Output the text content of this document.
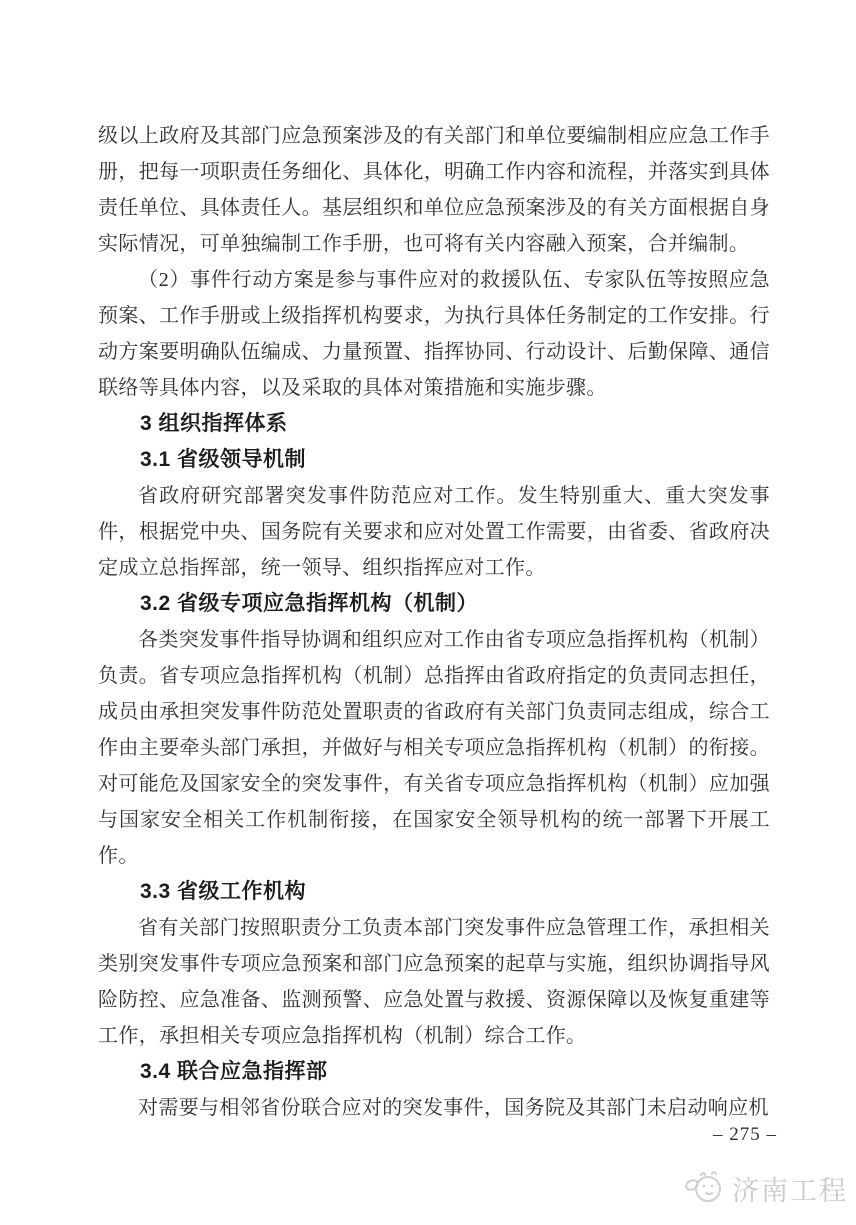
级以上政府及其部门应急预案涉及的有关部门和单位要编制相应应急工作手册，把每一项职责任务细化、具体化，明确工作内容和流程，并落实到具体责任单位、具体责任人。基层组织和单位应急预案涉及的有关方面根据自身实际情况，可单独编制工作手册，也可将有关内容融入预案，合并编制。

（2）事件行动方案是参与事件应对的救援队伍、专家队伍等按照应急预案、工作手册或上级指挥机构要求，为执行具体任务制定的工作安排。行动方案要明确队伍编成、力量预置、指挥协同、行动设计、后勤保障、通信联络等具体内容，以及采取的具体对策措施和实施步骤。

3 组织指挥体系
3.1 省级领导机制

省政府研究部署突发事件防范应对工作。发生特别重大、重大突发事件，根据党中央、国务院有关要求和应对处置工作需要，由省委、省政府决定成立总指挥部，统一领导、组织指挥应对工作。

3.2 省级专项应急指挥机构（机制）

各类突发事件指导协调和组织应对工作由省专项应急指挥机构（机制）负责。省专项应急指挥机构（机制）总指挥由省政府指定的负责同志担任，成员由承担突发事件防范处置职责的省政府有关部门负责同志组成，综合工作由主要牵头部门承担，并做好与相关专项应急指挥机构（机制）的衔接。对可能危及国家安全的突发事件，有关省专项应急指挥机构（机制）应加强与国家安全相关工作机制衔接，在国家安全领导机构的统一部署下开展工作。

3.3 省级工作机构

省有关部门按照职责分工负责本部门突发事件应急管理工作，承担相关类别突发事件专项应急预案和部门应急预案的起草与实施，组织协调指导风险防控、应急准备、监测预警、应急处置与救援、资源保障以及恢复重建等工作，承担相关专项应急指挥机构（机制）综合工作。

3.4 联合应急指挥部

对需要与相邻省份联合应对的突发事件，国务院及其部门未启动响应机

– 275 –
济南工程
